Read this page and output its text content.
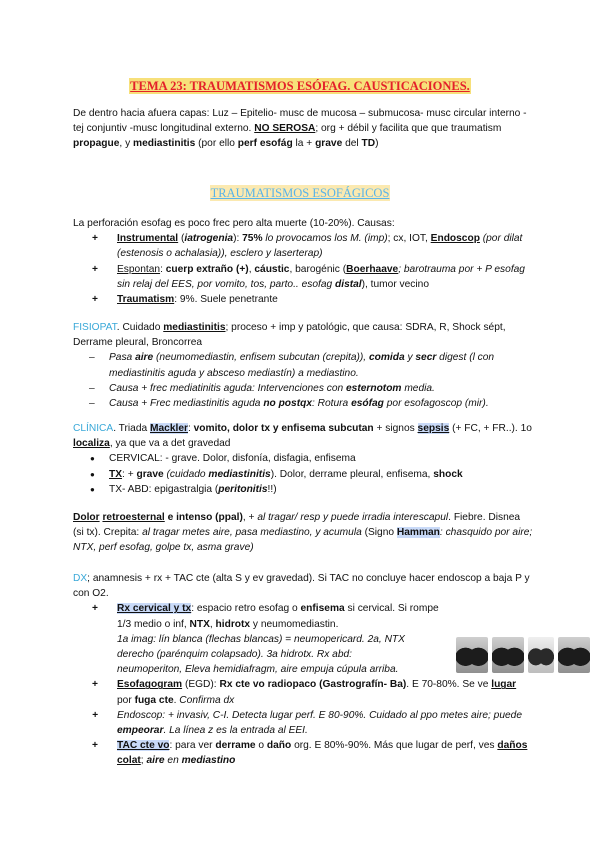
TEMA 23: TRAUMATISMOS ESÓFAG. CAUSTICACIONES.
De dentro hacia afuera capas: Luz – Epitelio- musc de mucosa – submucosa- musc circular interno - tej conjuntiv -musc longitudinal externo. NO SEROSA; org + débil y facilita que que traumatism propague, y mediastinitis (por ello perf esofág la + grave del TD)
TRAUMATISMOS ESOFÁGICOS
La perforación esofag es poco frec pero alta muerte (10-20%). Causas:
+ Instrumental (iatrogenia): 75% lo provocamos los M. (imp); cx, IOT, Endoscop (por dilat (estenosis o achalasia)), esclero y laserterap)
+ Espontan: cuerp extraño (+), cáustic, barogénic (Boerhaave; barotrauma por + P esofag sin relaj del EES, por vomito, tos, parto.. esofag distal), tumor vecino
+ Traumatism: 9%. Suele penetrante
FISIOPAT. Cuidado mediastinitis; proceso + imp y patológic, que causa: SDRA, R, Shock sépt, Derrame pleural, Broncorrea
– Pasa aire (neumomediastin, enfisem subcutan (crepita)), comida y secr digest (l con mediastinitis aguda y absceso mediastín) a mediastino.
– Causa + frec mediatinitis aguda: Intervenciones con esternotom media.
– Causa + Frec mediastinitis aguda no postqx: Rotura esófag por esofagoscop (mir).
CLÍNICA. Triada Mackler: vomito, dolor tx y enfisema subcutan + signos sepsis (+ FC, + FR..). 1o localiza, ya que va a det gravedad
● CERVICAL: - grave. Dolor, disfonía, disfagia, enfisema
● TX: + grave (cuidado mediastinitis). Dolor, derrame pleural, enfisema, shock
● TX- ABD: epigastralgia (peritonitis!!)
Dolor retroesternal e intenso (ppal), + al tragar/ resp y puede irradia interescapul. Fiebre. Disnea (si tx). Crepita: al tragar metes aire, pasa mediastino, y acumula (Signo Hamman: chasquido por aire; NTX, perf esofag, golpe tx, asma grave)
DX; anamnesis + rx + TAC cte (alta S y ev gravedad). Si TAC no concluye hacer endoscop a baja P y con O2.
+ Rx cervical y tx: espacio retro esofag o enfisema si cervical. Si rompe 1/3 medio o inf, NTX, hidrotx y neumomediastin.
1a imag: lín blanca (flechas blancas) = neumopericard. 2a, NTX derecho (parénquim colapsado). 3a hidrotx. Rx abd: neumoperiton, Eleva hemidiafragm, aire empuja cúpula arriba.
+ Esofagogram (EGD): Rx cte vo radiopaco (Gastrografín- Ba). E 70-80%. Se ve lugar por fuga cte. Confirma dx
+ Endoscop: + invasiv, C-I. Detecta lugar perf. E 80-90%. Cuidado al ppo metes aire; puede empeorar. La línea z es la entrada al EEI.
+ TAC cte vo: para ver derrame o daño org. E 80%-90%. Más que lugar de perf, ves daños colat; aire en mediastino
